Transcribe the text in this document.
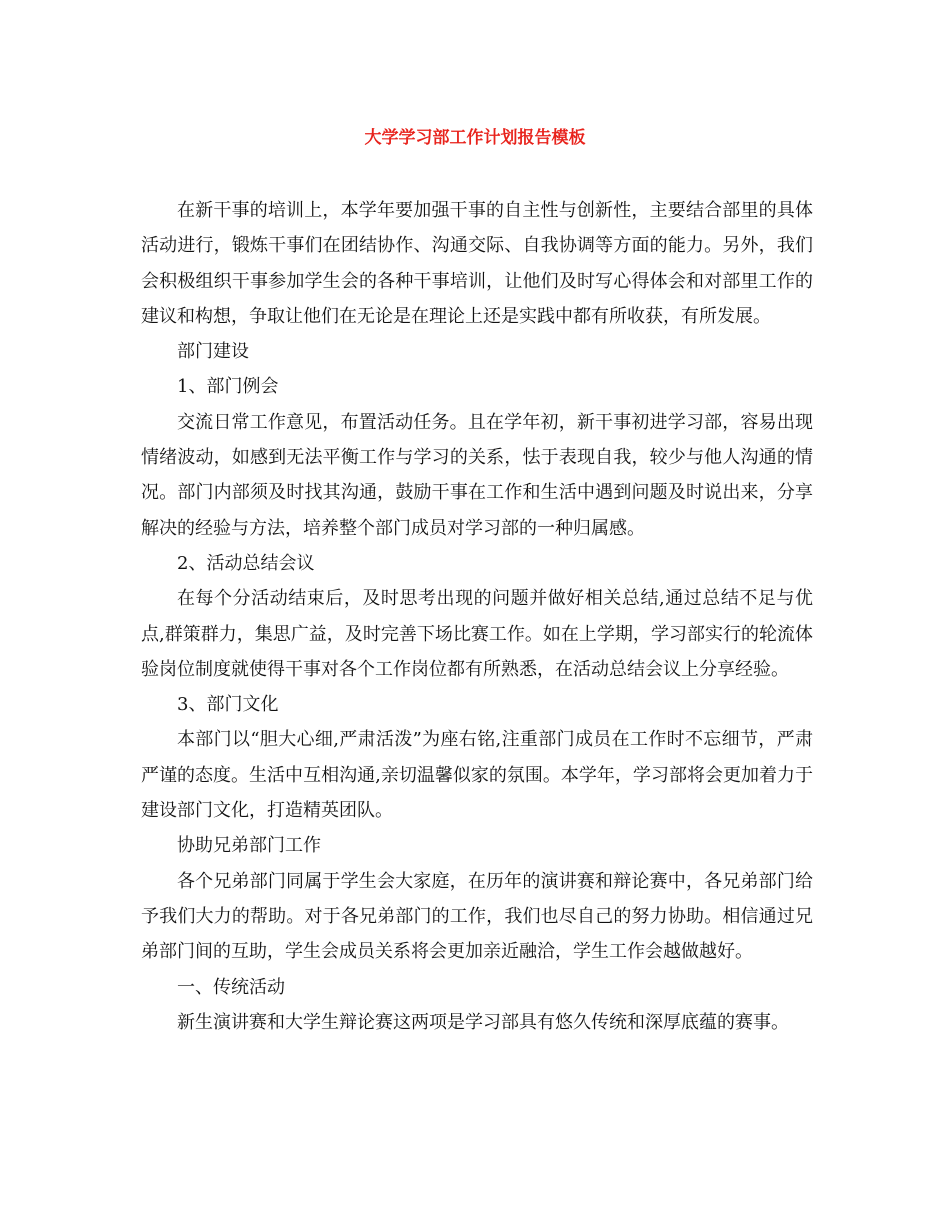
大学学习部工作计划报告模板

在新干事的培训上，本学年要加强干事的自主性与创新性，主要结合部里的具体活动进行，锻炼干事们在团结协作、沟通交际、自我协调等方面的能力。另外，我们会积极组织干事参加学生会的各种干事培训，让他们及时写心得体会和对部里工作的建议和构想，争取让他们在无论是在理论上还是实践中都有所收获，有所发展。

部门建设

1、部门例会

交流日常工作意见，布置活动任务。且在学年初，新干事初进学习部，容易出现情绪波动，如感到无法平衡工作与学习的关系，怯于表现自我，较少与他人沟通的情况。部门内部须及时找其沟通，鼓励干事在工作和生活中遇到问题及时说出来，分享解决的经验与方法，培养整个部门成员对学习部的一种归属感。

2、活动总结会议

在每个分活动结束后，及时思考出现的问题并做好相关总结,通过总结不足与优点,群策群力，集思广益，及时完善下场比赛工作。如在上学期，学习部实行的轮流体验岗位制度就使得干事对各个工作岗位都有所熟悉，在活动总结会议上分享经验。

3、部门文化

本部门以“胆大心细,严肃活泼”为座右铭,注重部门成员在工作时不忘细节，严肃严谨的态度。生活中互相沟通,亲切温馨似家的氛围。本学年，学习部将会更加着力于建设部门文化，打造精英团队。

协助兄弟部门工作

各个兄弟部门同属于学生会大家庭，在历年的演讲赛和辩论赛中，各兄弟部门给予我们大力的帮助。对于各兄弟部门的工作，我们也尽自己的努力协助。相信通过兄弟部门间的互助，学生会成员关系将会更加亲近融洽，学生工作会越做越好。

一、传统活动

新生演讲赛和大学生辩论赛这两项是学习部具有悠久传统和深厚底蕴的赛事。
